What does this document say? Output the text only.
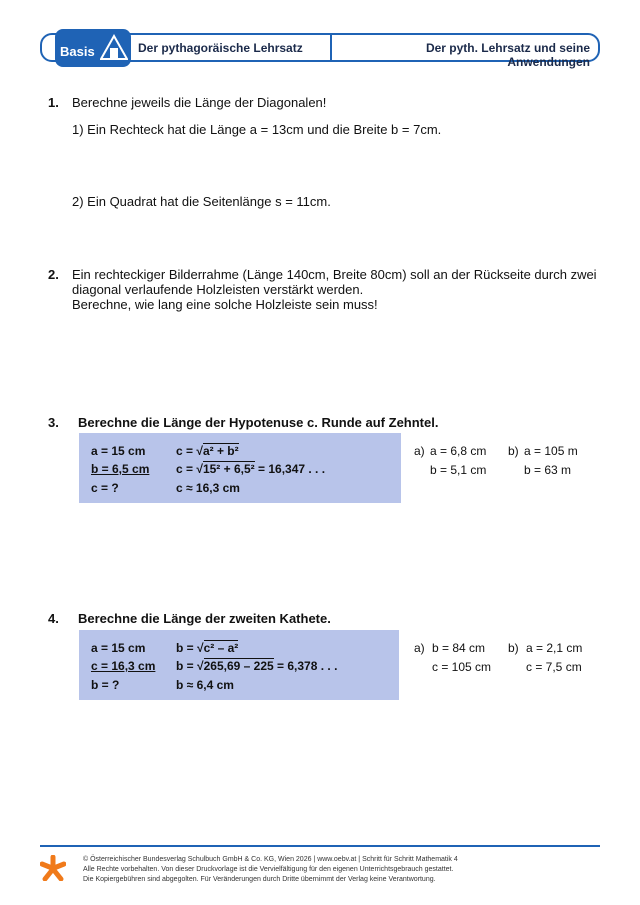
Basis	Der pythagoräische Lehrsatz	Der pyth. Lehrsatz und seine Anwendungen
1. Berechne jeweils die Länge der Diagonalen!
1) Ein Rechteck hat die Länge a = 13cm und die Breite b = 7cm.
2) Ein Quadrat hat die Seitenlänge s = 11cm.
2. Ein rechteckiger Bilderrahme (Länge 140cm, Breite 80cm) soll an der Rückseite durch zwei
diagonal verlaufende Holzleisten verstärkt werden.
Berechne, wie lang eine solche Holzleiste sein muss!
3. Berechne die Länge der Hypotenuse c. Runde auf Zehntel.
a = 15 cm
b = 6,5 cm
c = ?
c = √a² + b²
c = √15² + 6,5² = 16,347 . . .
c ≈ 16,3 cm
a) a = 6,8 cm
b = 5,1 cm
b) a = 105 m
b = 63 m
4. Berechne die Länge der zweiten Kathete.
a = 15 cm
c = 16,3 cm
b = ?
b = √c² – a²
b = √265,69 – 225 = 6,378 . . .
b ≈ 6,4 cm
a) b = 84 cm
c = 105 cm
b) a = 2,1 cm
c = 7,5 cm
© Österreichischer Bundesverlag Schulbuch GmbH & Co. KG, Wien 2026 | www.oebv.at | Schritt für Schritt Mathematik 4
Alle Rechte vorbehalten. Von dieser Druckvorlage ist die Vervielfältigung für den eigenen Unterrichtsgebrauch gestattet.
Die Kopiergebühren sind abgegolten. Für Veränderungen durch Dritte übernimmt der Verlag keine Verantwortung.
